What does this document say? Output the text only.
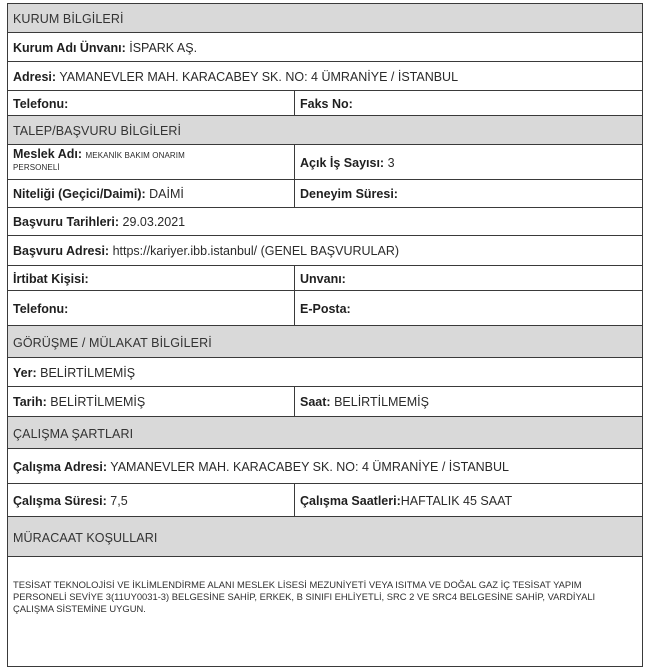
KURUM BİLGİLERİ
Kurum Adı Ünvanı: İSPARK AŞ.
Adresi: YAMANEVLER MAH. KARACABEY SK. NO: 4 ÜMRANİYE / İSTANBUL
Telefonu:	Faks No:
TALEP/BAŞVURU BİLGİLERİ
Meslek Adı: MEKANİK BAKIM ONARIM
PERSONELİ	Açık İş Sayısı: 3
Niteliği (Geçici/Daimi): DAİMİ	Deneyim Süresi:
Başvuru Tarihleri: 29.03.2021
Başvuru Adresi: https://kariyer.ibb.istanbul/ (GENEL BAŞVURULAR)
İrtibat Kişisi:	Unvanı:
Telefonu:	E-Posta:
GÖRÜŞME / MÜLAKAT BİLGİLERİ
Yer: BELİRTİLMEMİŞ
Tarih: BELİRTİLMEMİŞ	Saat: BELİRTİLMEMİŞ
ÇALIŞMA ŞARTLARI
Çalışma Adresi: YAMANEVLER MAH. KARACABEY SK. NO: 4 ÜMRANİYE / İSTANBUL
Çalışma Süresi: 7,5	Çalışma Saatleri:HAFTALIK 45 SAAT
MÜRACAAT KOŞULLARI
TESİSAT TEKNOLOJİSİ VE İKLİMLENDİRME ALANI MESLEK LİSESİ MEZUNİYETİ VEYA ISITMA VE DOĞAL GAZ İÇ TESİSAT YAPIM PERSONELİ SEVİYE 3(11UY0031-3) BELGESİNE SAHİP, ERKEK, B SINIFI EHLİYETLİ, SRC 2 VE SRC4 BELGESİNE SAHİP, VARDİYALI ÇALIŞMA SİSTEMİNE UYGUN.
